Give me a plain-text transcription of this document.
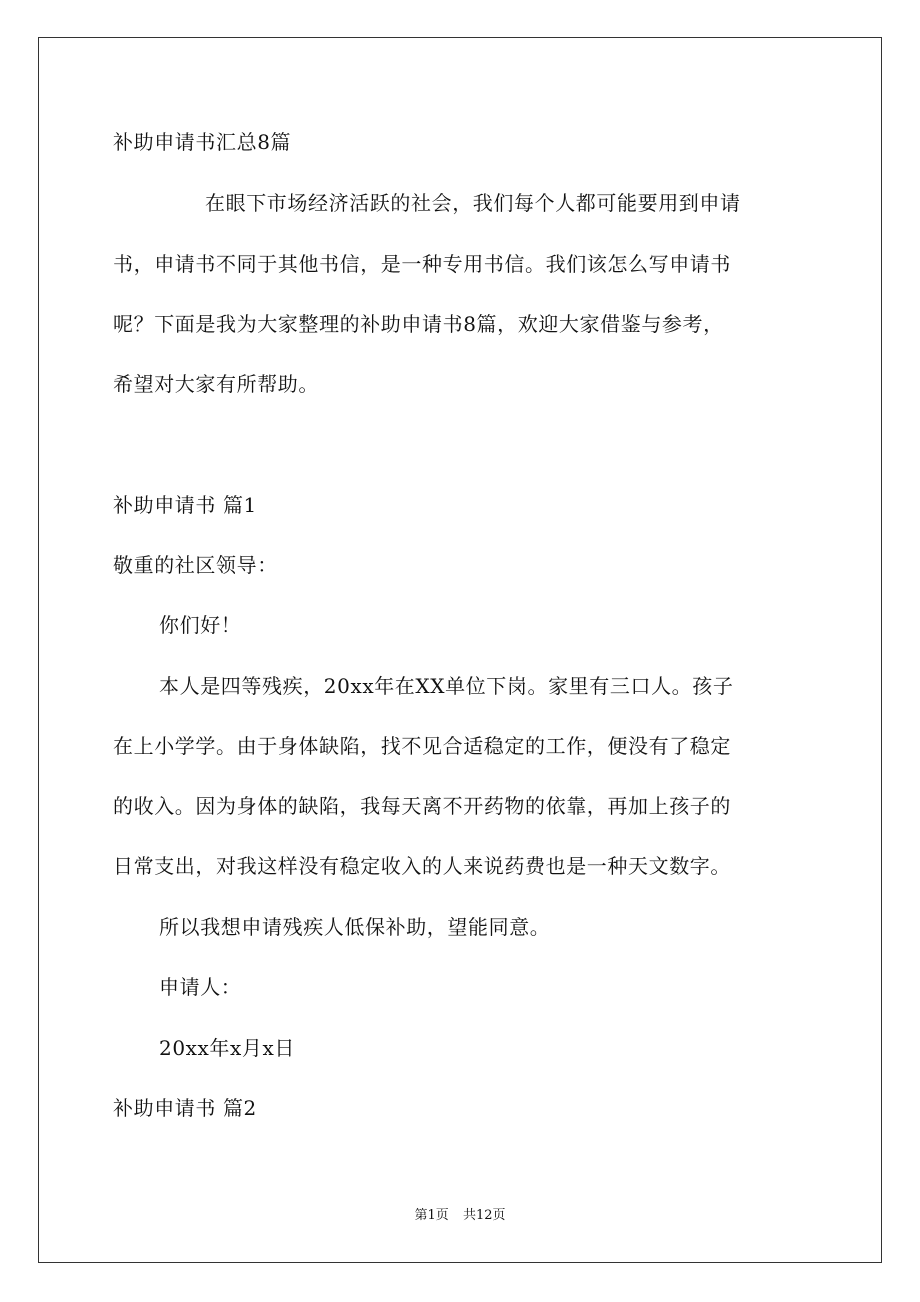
补助申请书汇总8篇
在眼下市场经济活跃的社会，我们每个人都可能要用到申请
书，申请书不同于其他书信，是一种专用书信。我们该怎么写申请书
呢？下面是我为大家整理的补助申请书8篇，欢迎大家借鉴与参考，
希望对大家有所帮助。
补助申请书 篇1
敬重的社区领导：
你们好！
本人是四等残疾，20xx年在XX单位下岗。家里有三口人。孩子
在上小学学。由于身体缺陷，找不见合适稳定的工作，便没有了稳定
的收入。因为身体的缺陷，我每天离不开药物的依靠，再加上孩子的
日常支出，对我这样没有稳定收入的人来说药费也是一种天文数字。
所以我想申请残疾人低保补助，望能同意。
申请人：
20xx年x月x日
补助申请书 篇2
第1页 共12页
